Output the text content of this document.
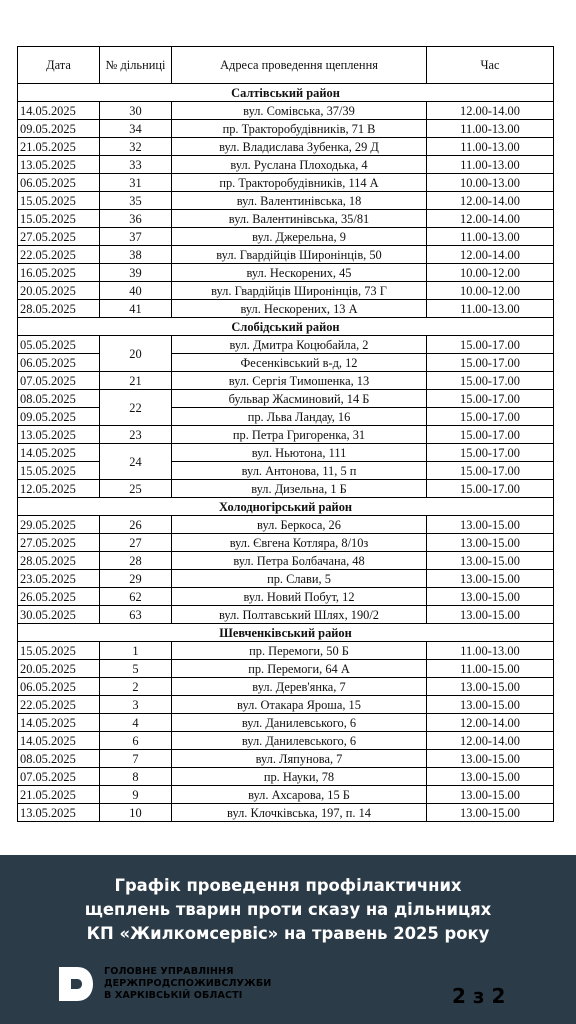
Дата	№ дільниці	Адреса проведення щеплення	Час
Салтівський район			
14.05.2025	30	вул. Сомівська, 37/39	12.00-14.00
09.05.2025	34	пр. Тракторобудівників, 71 В	11.00-13.00
21.05.2025	32	вул. Владислава Зубенка, 29 Д	11.00-13.00
13.05.2025	33	вул. Руслана Плоходька, 4	11.00-13.00
06.05.2025	31	пр. Тракторобудівників, 114 А	10.00-13.00
15.05.2025	35	вул. Валентинівська, 18	12.00-14.00
15.05.2025	36	вул. Валентинівська, 35/81	12.00-14.00
27.05.2025	37	вул. Джерельна, 9	11.00-13.00
22.05.2025	38	вул. Гвардійців Широнінців, 50	12.00-14.00
16.05.2025	39	вул. Нескорених, 45	10.00-12.00
20.05.2025	40	вул. Гвардійців Широнінців, 73 Г	10.00-12.00
28.05.2025	41	вул. Нескорених, 13 А	11.00-13.00
Слобідський район			
05.05.2025	20	вул. Дмитра Коцюбайла, 2	15.00-17.00
06.05.2025		Фесенківський в-д, 12	15.00-17.00
07.05.2025	21	вул. Сергія Тимошенка, 13	15.00-17.00
08.05.2025	22	бульвар Жасминовий, 14 Б	15.00-17.00
09.05.2025		пр. Льва Ландау, 16	15.00-17.00
13.05.2025	23	пр. Петра Григоренка, 31	15.00-17.00
14.05.2025	24	вул. Ньютона, 111	15.00-17.00
15.05.2025		вул. Антонова, 11, 5 п	15.00-17.00
12.05.2025	25	вул. Дизельна, 1 Б	15.00-17.00
Холодногірський район			
29.05.2025	26	вул. Беркоса, 26	13.00-15.00
27.05.2025	27	вул. Євгена Котляра, 8/10з	13.00-15.00
28.05.2025	28	вул. Петра Болбачана, 48	13.00-15.00
23.05.2025	29	пр. Слави, 5	13.00-15.00
26.05.2025	62	вул. Новий Побут, 12	13.00-15.00
30.05.2025	63	вул. Полтавський Шлях, 190/2	13.00-15.00
Шевченківський район			
15.05.2025	1	пр. Перемоги, 50 Б	11.00-13.00
20.05.2025	5	пр. Перемоги, 64 А	11.00-15.00
06.05.2025	2	вул. Дерев'янка, 7	13.00-15.00
22.05.2025	3	вул. Отакара Яроша, 15	13.00-15.00
14.05.2025	4	вул. Данилевського, 6	12.00-14.00
14.05.2025	6	вул. Данилевського, 6	12.00-14.00
08.05.2025	7	вул. Ляпунова, 7	13.00-15.00
07.05.2025	8	пр. Науки, 78	13.00-15.00
21.05.2025	9	вул. Ахсарова, 15 Б	13.00-15.00
13.05.2025	10	вул. Клочківська, 197, п. 14	13.00-15.00
Графік проведення профілактичних
щеплень тварин проти сказу на дільницях
КП «Жилкомсервіс» на травень 2025 року
ГОЛОВНЕ УПРАВЛІННЯ
ДЕРЖПРОДСПОЖИВСЛУЖБИ
В ХАРКІВСЬКІЙ ОБЛАСТІ	2 з 2
